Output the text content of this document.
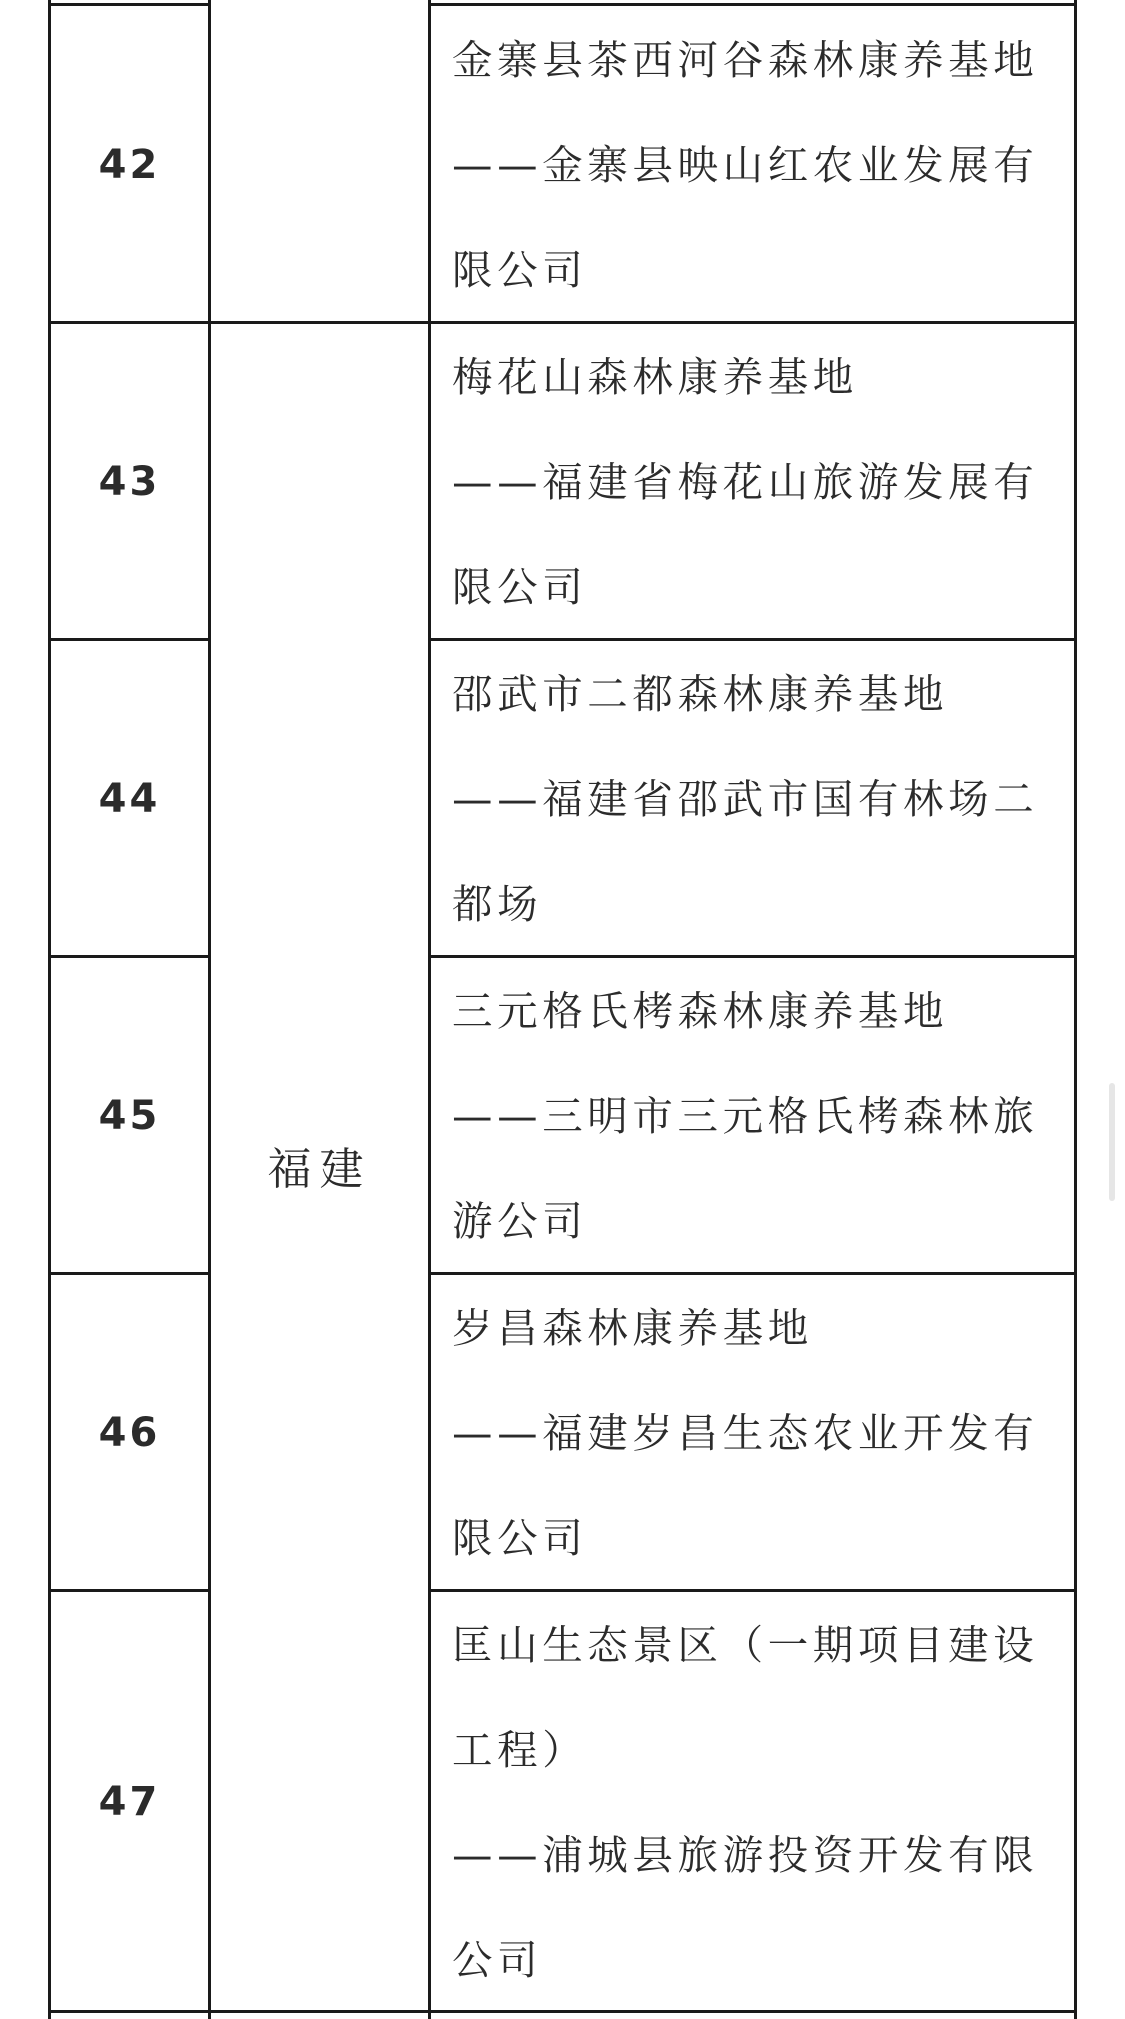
42
金寨县茶西河谷森林康养基地
——金寨县映山红农业发展有
限公司
43
梅花山森林康养基地
——福建省梅花山旅游发展有
限公司
44
邵武市二都森林康养基地
——福建省邵武市国有林场二
都场
45
三元格氏栲森林康养基地
——三明市三元格氏栲森林旅
游公司
46
岁昌森林康养基地
——福建岁昌生态农业开发有
限公司
47
匡山生态景区（一期项目建设
工程）
——浦城县旅游投资开发有限
公司
福建
